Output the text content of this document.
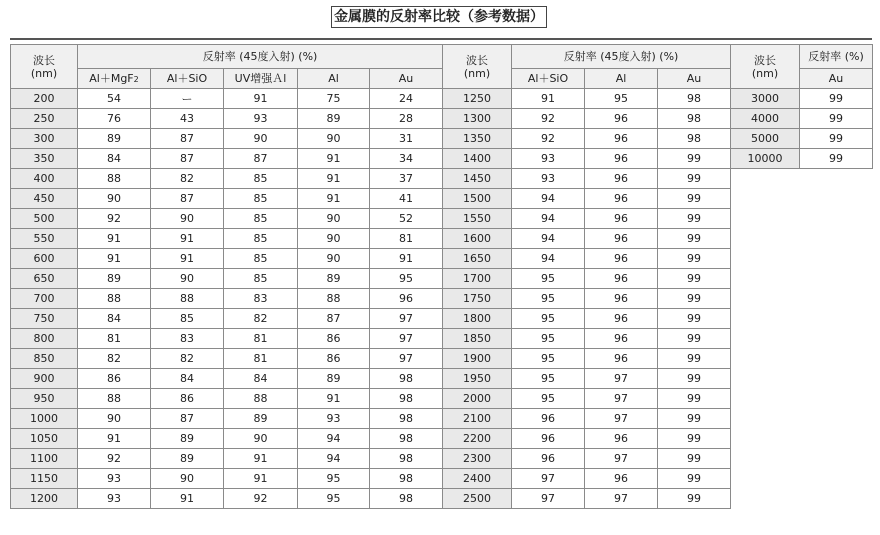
金属膜的反射率比较（参考数据）
波长
(nm)	反射率 (45度入射) (%)				
	Al＋MgF2	Al＋SiO	UV增强Ａl	Al	Au
200	54	ー	91	75	24
250	76	43	93	89	28
300	89	87	90	90	31
350	84	87	87	91	34
400	88	82	85	91	37
450	90	87	85	91	41
500	92	90	85	90	52
550	91	91	85	90	81
600	91	91	85	90	91
650	89	90	85	89	95
700	88	88	83	88	96
750	84	85	82	87	97
800	81	83	81	86	97
850	82	82	81	86	97
900	86	84	84	89	98
950	88	86	88	91	98
1000	90	87	89	93	98
1050	91	89	90	94	98
1100	92	89	91	94	98
1150	93	90	91	95	98
1200	93	91	92	95	98
波长
(nm)	反射率 (45度入射) (%)		
	Al＋SiO	Al	Au
1250	91	95	98
1300	92	96	98
1350	92	96	98
1400	93	96	99
1450	93	96	99
1500	94	96	99
1550	94	96	99
1600	94	96	99
1650	94	96	99
1700	95	96	99
1750	95	96	99
1800	95	96	99
1850	95	96	99
1900	95	96	99
1950	95	97	99
2000	95	97	99
2100	96	97	99
2200	96	96	99
2300	96	97	99
2400	97	96	99
2500	97	97	99
波长
(nm)	反射率 (%)
	Au
3000	99
4000	99
5000	99
10000	99
